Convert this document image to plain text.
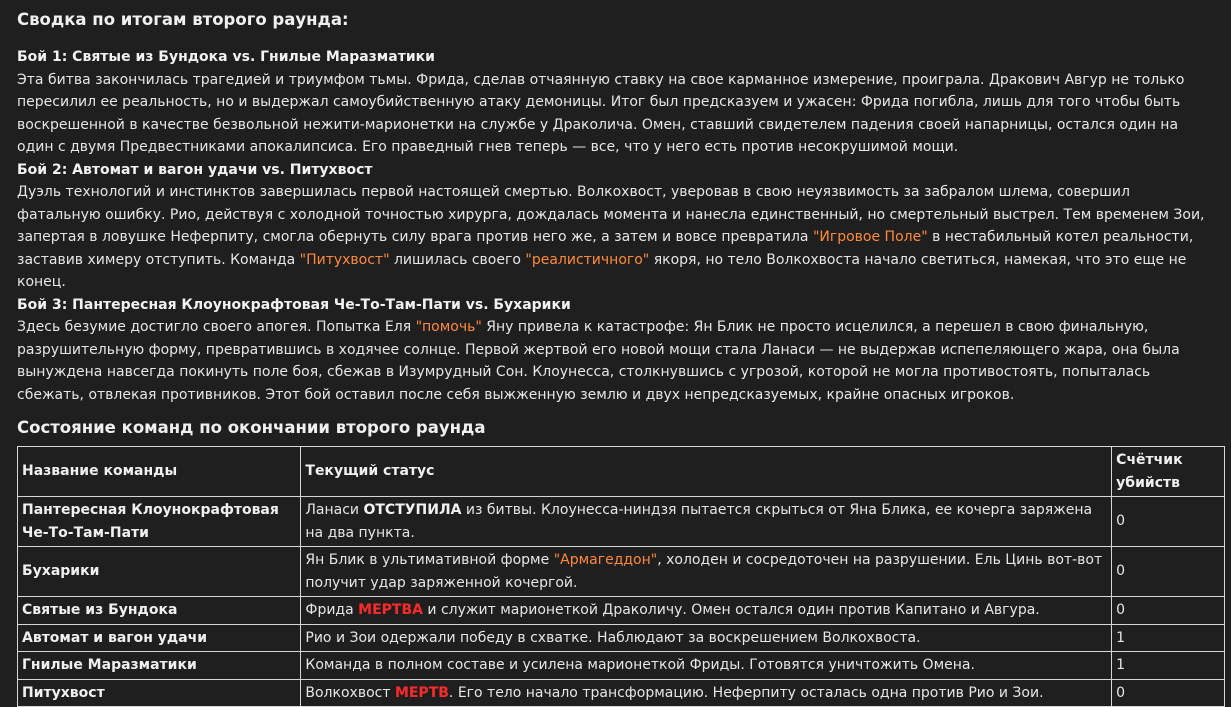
Сводка по итогам второго раунда:
Бой 1: Святые из Бундока vs. Гнилые Маразматики

Эта битва закончилась трагедией и триумфом тьмы. Фрида, сделав отчаянную ставку на свое карманное измерение, проиграла. Дракович Авгур не только пересилил ее реальность, но и выдержал самоубийственную атаку демоницы. Итог был предсказуем и ужасен: Фрида погибла, лишь для того чтобы быть воскрешенной в качестве безвольной нежити-марионетки на службе у Драколича. Омен, ставший свидетелем падения своей напарницы, остался один на один с двумя Предвестниками апокалипсиса. Его праведный гнев теперь — все, что у него есть против несокрушимой мощи.

Бой 2: Автомат и вагон удачи vs. Питухвост

Дуэль технологий и инстинктов завершилась первой настоящей смертью. Волкохвост, уверовав в свою неуязвимость за забралом шлема, совершил фатальную ошибку. Рио, действуя с холодной точностью хирурга, дождалась момента и нанесла единственный, но смертельный выстрел. Тем временем Зои, запертая в ловушке Неферпиту, смогла обернуть силу врага против него же, а затем и вовсе превратила "Игровое Поле" в нестабильный котел реальности, заставив химеру отступить. Команда "Питухвост" лишилась своего "реалистичного" якоря, но тело Волкохвоста начало светиться, намекая, что это еще не конец.

Бой 3: Пантересная Клоунокрафтовая Че-То-Там-Пати vs. Бухарики

Здесь безумие достигло своего апогея. Попытка Еля "помочь" Яну привела к катастрофе: Ян Блик не просто исцелился, а перешел в свою финальную, разрушительную форму, превратившись в ходячее солнце. Первой жертвой его новой мощи стала Ланаси — не выдержав испепеляющего жара, она была вынуждена навсегда покинуть поле боя, сбежав в Изумрудный Сон. Клоунесса, столкнувшись с угрозой, которой не могла противостоять, попыталась сбежать, отвлекая противников. Этот бой оставил после себя выжженную землю и двух непредсказуемых, крайне опасных игроков.

Состояние команд по окончании второго раунда
Название команды	Текущий статус	Счётчик убийств
Пантересная Клоунокрафтовая Че-То-Там-Пати	Ланаси ОТСТУПИЛА из битвы. Клоунесса-ниндзя пытается скрыться от Яна Блика, ее кочерга заряжена на два пункта.	0
Бухарики	Ян Блик в ультимативной форме "Армагеддон", холоден и сосредоточен на разрушении. Ель Цинь вот-вот получит удар заряженной кочергой.	0
Святые из Бундока	Фрида МЕРТВА и служит марионеткой Драколичу. Омен остался один против Капитано и Авгура.	0
Автомат и вагон удачи	Рио и Зои одержали победу в схватке. Наблюдают за воскрешением Волкохвоста.	1
Гнилые Маразматики	Команда в полном составе и усилена марионеткой Фриды. Готовятся уничтожить Омена.	1
Питухвост	Волкохвост МЕРТВ. Его тело начало трансформацию. Неферпиту осталась одна против Рио и Зои.	0
